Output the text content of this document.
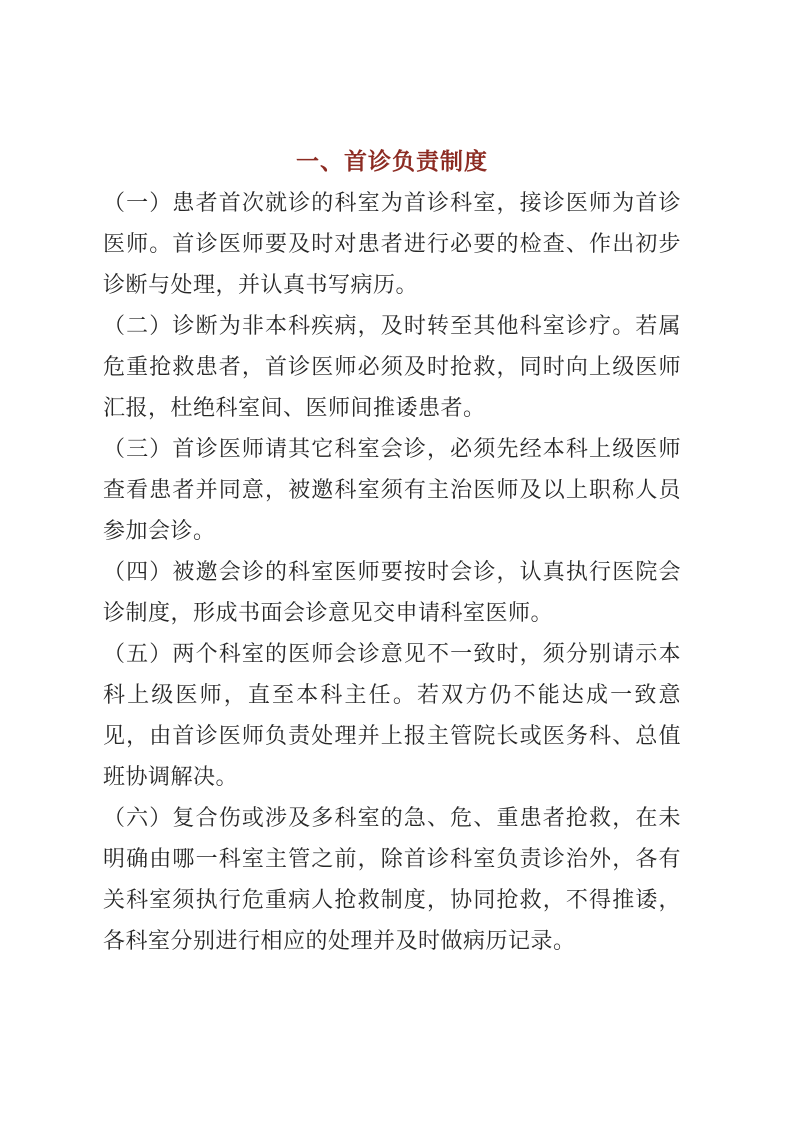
一、首诊负责制度

（一）患者首次就诊的科室为首诊科室，接诊医师为首诊医师。首诊医师要及时对患者进行必要的检查、作出初步诊断与处理，并认真书写病历。

（二）诊断为非本科疾病，及时转至其他科室诊疗。若属危重抢救患者，首诊医师必须及时抢救，同时向上级医师汇报，杜绝科室间、医师间推诿患者。

（三）首诊医师请其它科室会诊，必须先经本科上级医师查看患者并同意，被邀科室须有主治医师及以上职称人员参加会诊。

（四）被邀会诊的科室医师要按时会诊，认真执行医院会诊制度，形成书面会诊意见交申请科室医师。

（五）两个科室的医师会诊意见不一致时，须分别请示本科上级医师，直至本科主任。若双方仍不能达成一致意见，由首诊医师负责处理并上报主管院长或医务科、总值班协调解决。

（六）复合伤或涉及多科室的急、危、重患者抢救，在未明确由哪一科室主管之前，除首诊科室负责诊治外，各有关科室须执行危重病人抢救制度，协同抢救，不得推诿，各科室分别进行相应的处理并及时做病历记录。
